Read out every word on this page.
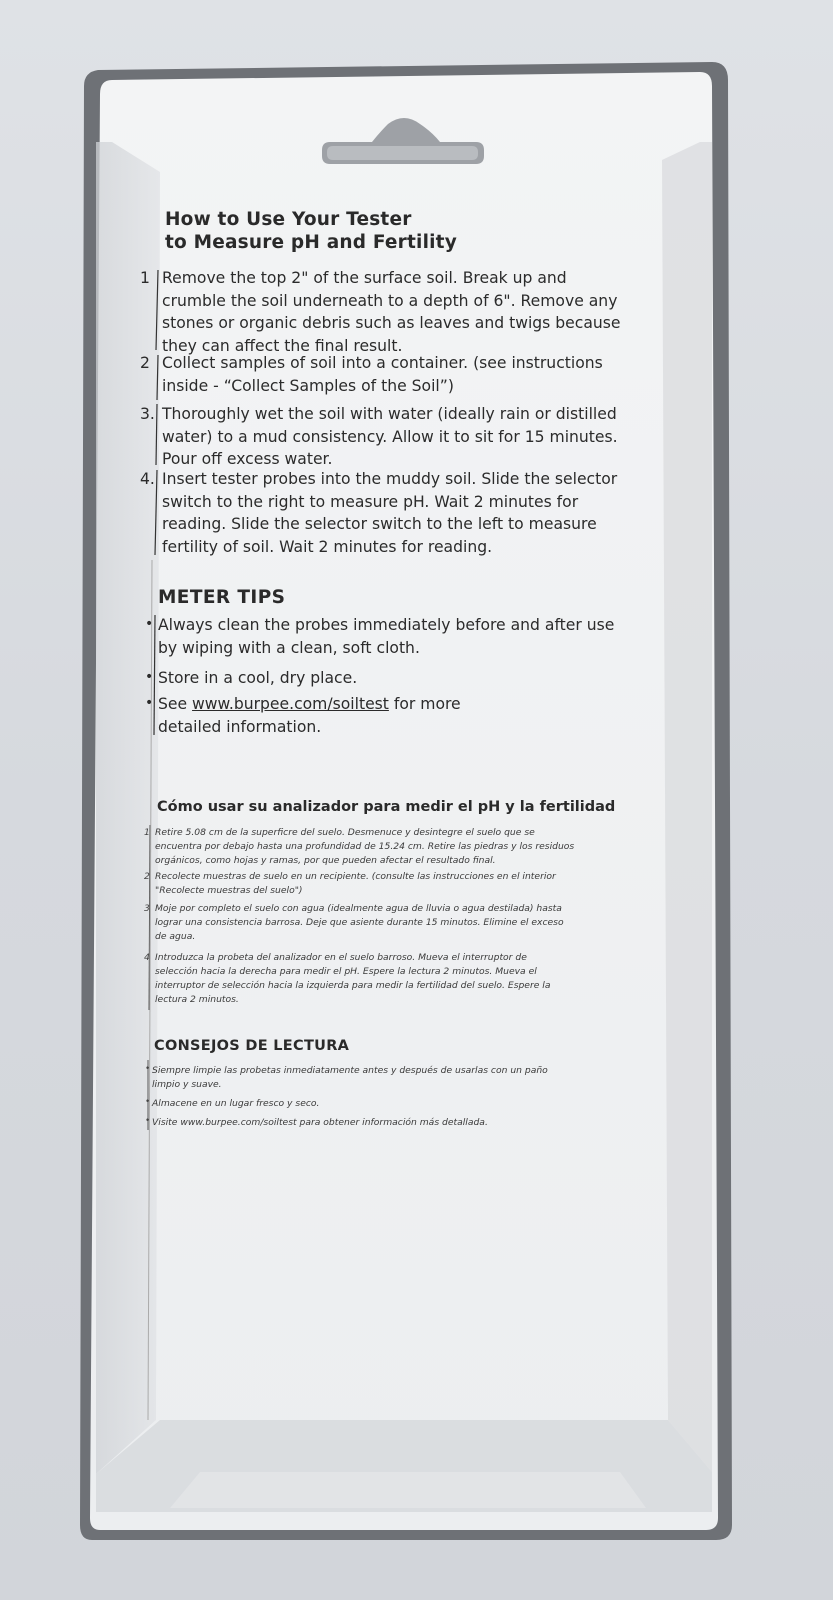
How to Use Your Tester
to Measure pH and Fertility
1 Remove the top 2" of the surface soil. Break up and
crumble the soil underneath to a depth of 6". Remove any
stones or organic debris such as leaves and twigs because
they can affect the final result.
2 Collect samples of soil into a container. (see instructions
inside - “Collect Samples of the Soil”)
3. Thoroughly wet the soil with water (ideally rain or distilled
water) to a mud consistency. Allow it to sit for 15 minutes.
Pour off excess water.
4. Insert tester probes into the muddy soil. Slide the selector
switch to the right to measure pH. Wait 2 minutes for
reading. Slide the selector switch to the left to measure
fertility of soil. Wait 2 minutes for reading.
METER TIPS
• Always clean the probes immediately before and after use
by wiping with a clean, soft cloth.
• Store in a cool, dry place.
• See www.burpee.com/soiltest for more
detailed information.
Cómo usar su analizador para medir el pH y la fertilidad
1 Retire 5.08 cm de la superficre del suelo. Desmenuce y desintegre el suelo que se
encuentra por debajo hasta una profundidad de 15.24 cm. Retire las piedras y los residuos
orgánicos, como hojas y ramas, por que pueden afectar el resultado final.
2 Recolecte muestras de suelo en un recipiente. (consulte las instrucciones en el interior
"Recolecte muestras del suelo")
3 Moje por completo el suelo con agua (idealmente agua de lluvia o agua destilada) hasta
lograr una consistencia barrosa. Deje que asiente durante 15 minutos. Elimine el exceso
de agua.
4 Introduzca la probeta del analizador en el suelo barroso. Mueva el interruptor de
selección hacia la derecha para medir el pH. Espere la lectura 2 minutos. Mueva el
interruptor de selección hacia la izquierda para medir la fertilidad del suelo. Espere la
lectura 2 minutos.
CONSEJOS DE LECTURA
• Siempre limpie las probetas inmediatamente antes y después de usarlas con un paño
limpio y suave.
• Almacene en un lugar fresco y seco.
• Visite www.burpee.com/soiltest para obtener información más detallada.
